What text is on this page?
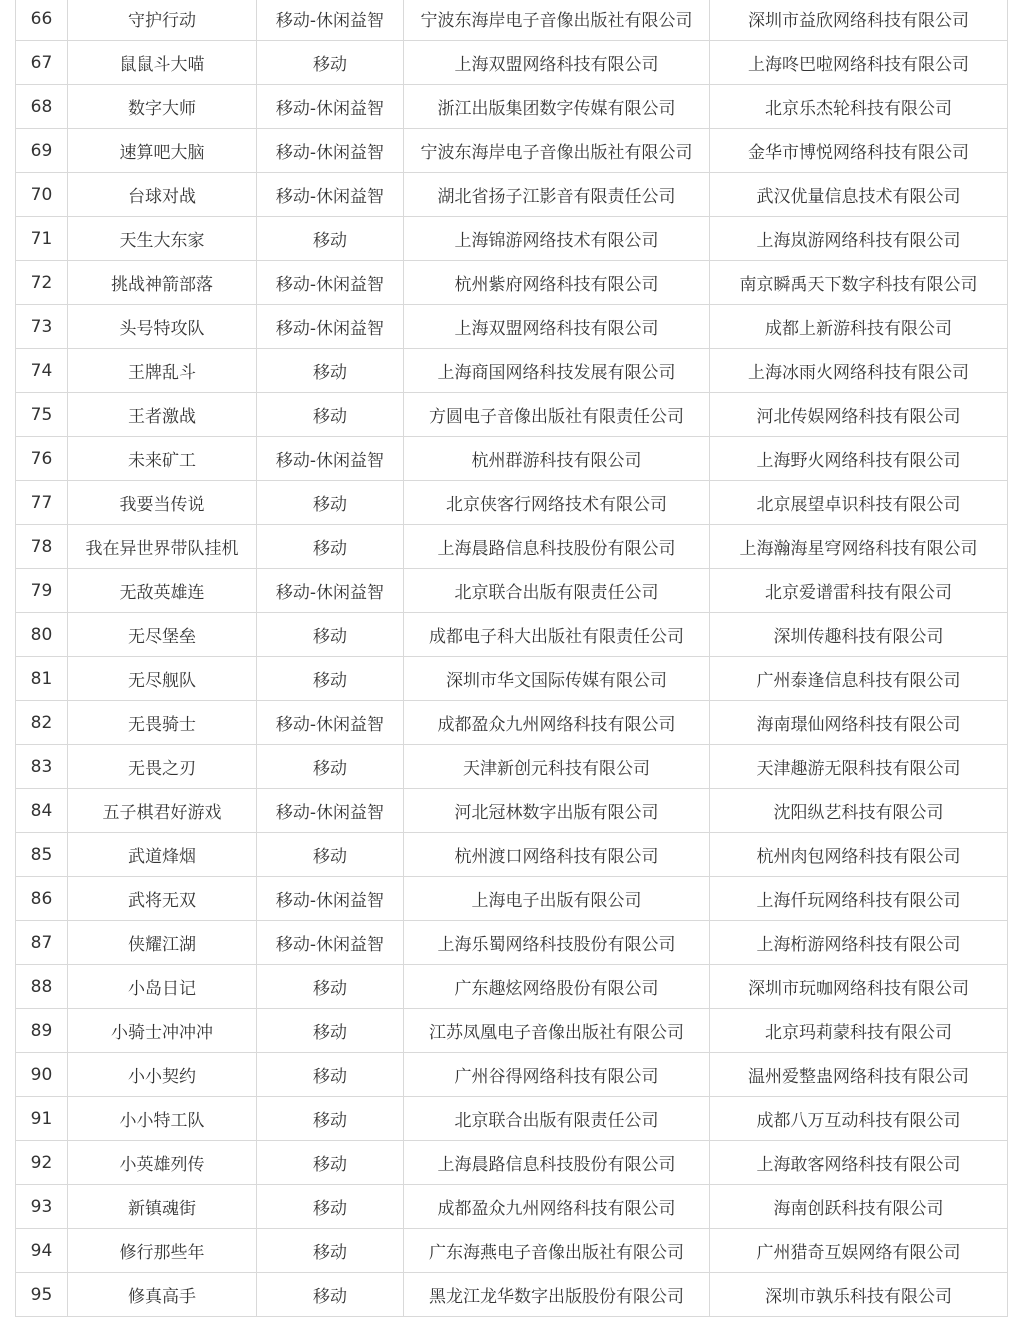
66	守护行动	移动-休闲益智	宁波东海岸电子音像出版社有限公司	深圳市益欣网络科技有限公司
67	鼠鼠斗大喵	移动	上海双盟网络科技有限公司	上海咚巴啦网络科技有限公司
68	数字大师	移动-休闲益智	浙江出版集团数字传媒有限公司	北京乐杰轮科技有限公司
69	速算吧大脑	移动-休闲益智	宁波东海岸电子音像出版社有限公司	金华市博悦网络科技有限公司
70	台球对战	移动-休闲益智	湖北省扬子江影音有限责任公司	武汉优量信息技术有限公司
71	天生大东家	移动	上海锦游网络技术有限公司	上海岚游网络科技有限公司
72	挑战神箭部落	移动-休闲益智	杭州紫府网络科技有限公司	南京瞬禹天下数字科技有限公司
73	头号特攻队	移动-休闲益智	上海双盟网络科技有限公司	成都上新游科技有限公司
74	王牌乱斗	移动	上海商国网络科技发展有限公司	上海冰雨火网络科技有限公司
75	王者激战	移动	方圆电子音像出版社有限责任公司	河北传娱网络科技有限公司
76	未来矿工	移动-休闲益智	杭州群游科技有限公司	上海野火网络科技有限公司
77	我要当传说	移动	北京侠客行网络技术有限公司	北京展望卓识科技有限公司
78	我在异世界带队挂机	移动	上海晨路信息科技股份有限公司	上海瀚海星穹网络科技有限公司
79	无敌英雄连	移动-休闲益智	北京联合出版有限责任公司	北京爱谱雷科技有限公司
80	无尽堡垒	移动	成都电子科大出版社有限责任公司	深圳传趣科技有限公司
81	无尽舰队	移动	深圳市华文国际传媒有限公司	广州泰逢信息科技有限公司
82	无畏骑士	移动-休闲益智	成都盈众九州网络科技有限公司	海南璟仙网络科技有限公司
83	无畏之刃	移动	天津新创元科技有限公司	天津趣游无限科技有限公司
84	五子棋君好游戏	移动-休闲益智	河北冠林数字出版有限公司	沈阳纵艺科技有限公司
85	武道烽烟	移动	杭州渡口网络科技有限公司	杭州肉包网络科技有限公司
86	武将无双	移动-休闲益智	上海电子出版有限公司	上海仟玩网络科技有限公司
87	侠耀江湖	移动-休闲益智	上海乐蜀网络科技股份有限公司	上海桁游网络科技有限公司
88	小岛日记	移动	广东趣炫网络股份有限公司	深圳市玩咖网络科技有限公司
89	小骑士冲冲冲	移动	江苏凤凰电子音像出版社有限公司	北京玛莉蒙科技有限公司
90	小小契约	移动	广州谷得网络科技有限公司	温州爱整蛊网络科技有限公司
91	小小特工队	移动	北京联合出版有限责任公司	成都八万互动科技有限公司
92	小英雄列传	移动	上海晨路信息科技股份有限公司	上海敢客网络科技有限公司
93	新镇魂街	移动	成都盈众九州网络科技有限公司	海南创跃科技有限公司
94	修行那些年	移动	广东海燕电子音像出版社有限公司	广州猎奇互娱网络有限公司
95	修真高手	移动	黑龙江龙华数字出版股份有限公司	深圳市孰乐科技有限公司
